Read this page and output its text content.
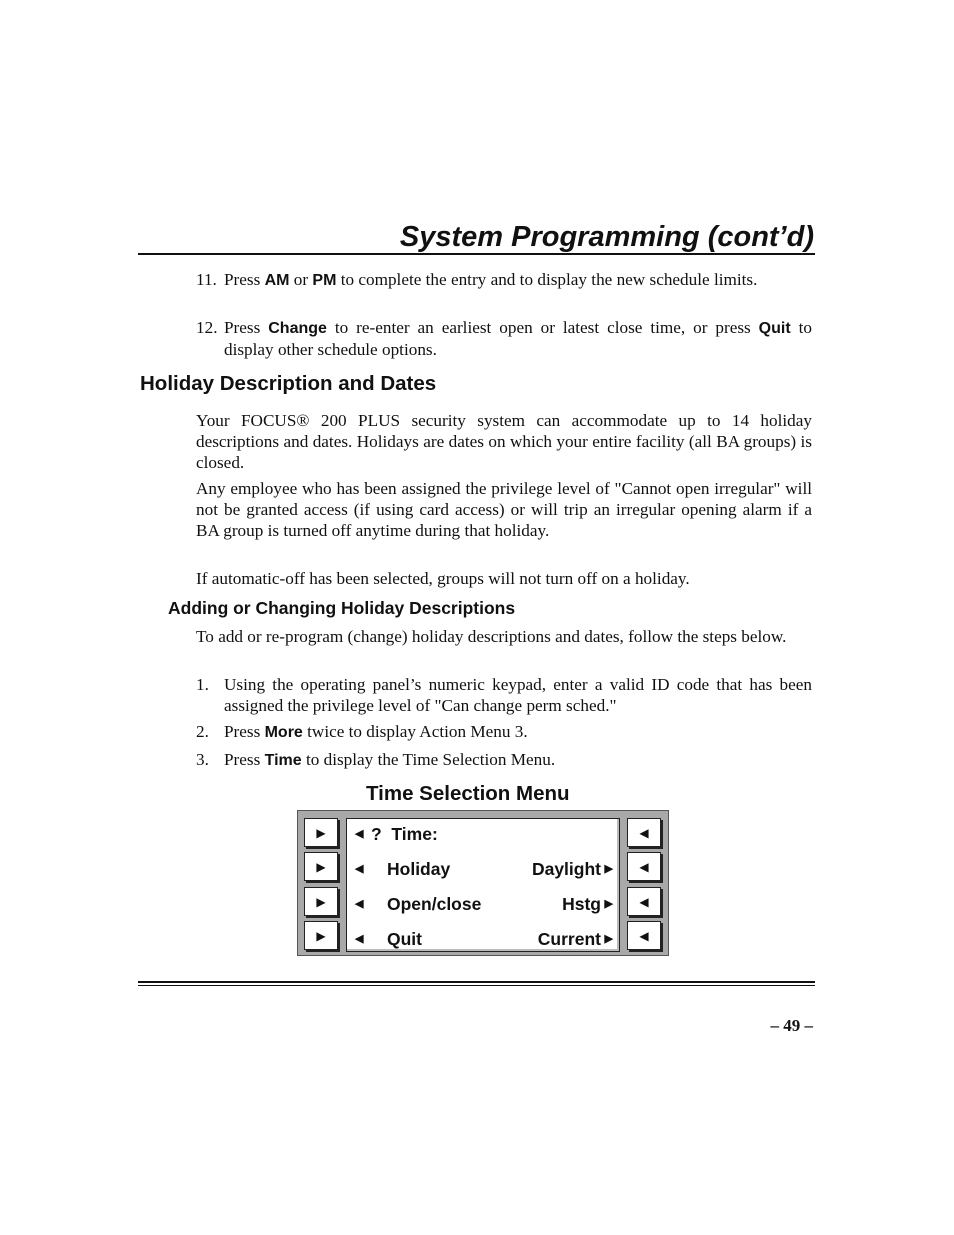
System Programming (cont’d)
11. Press AM or PM to complete the entry and to display the new schedule limits.
12. Press Change to re-enter an earliest open or latest close time, or press Quit to display other schedule options.
Holiday Description and Dates

Your FOCUS® 200 PLUS security system can accommodate up to 14 holiday descriptions and dates. Holidays are dates on which your entire facility (all BA groups) is closed.

Any employee who has been assigned the privilege level of "Cannot open irregular" will not be granted access (if using card access) or will trip an irregular opening alarm if a BA group is turned off anytime during that holiday.

If automatic-off has been selected, groups will not turn off on a holiday.

Adding or Changing Holiday Descriptions

To add or re-program (change) holiday descriptions and dates, follow the steps below.

1. Using the operating panel’s numeric keypad, enter a valid ID code that has been assigned the privilege level of "Can change perm sched."
2. Press More twice to display Action Menu 3.
3. Press Time to display the Time Selection Menu.
Time Selection Menu
▶
▶
▶
▶
◀ ?  Time:
◀ Holiday	Daylight ▶
◀ Open/close	Hstg ▶
◀ Quit	Current ▶
◀
◀
◀
◀
– 49 –
